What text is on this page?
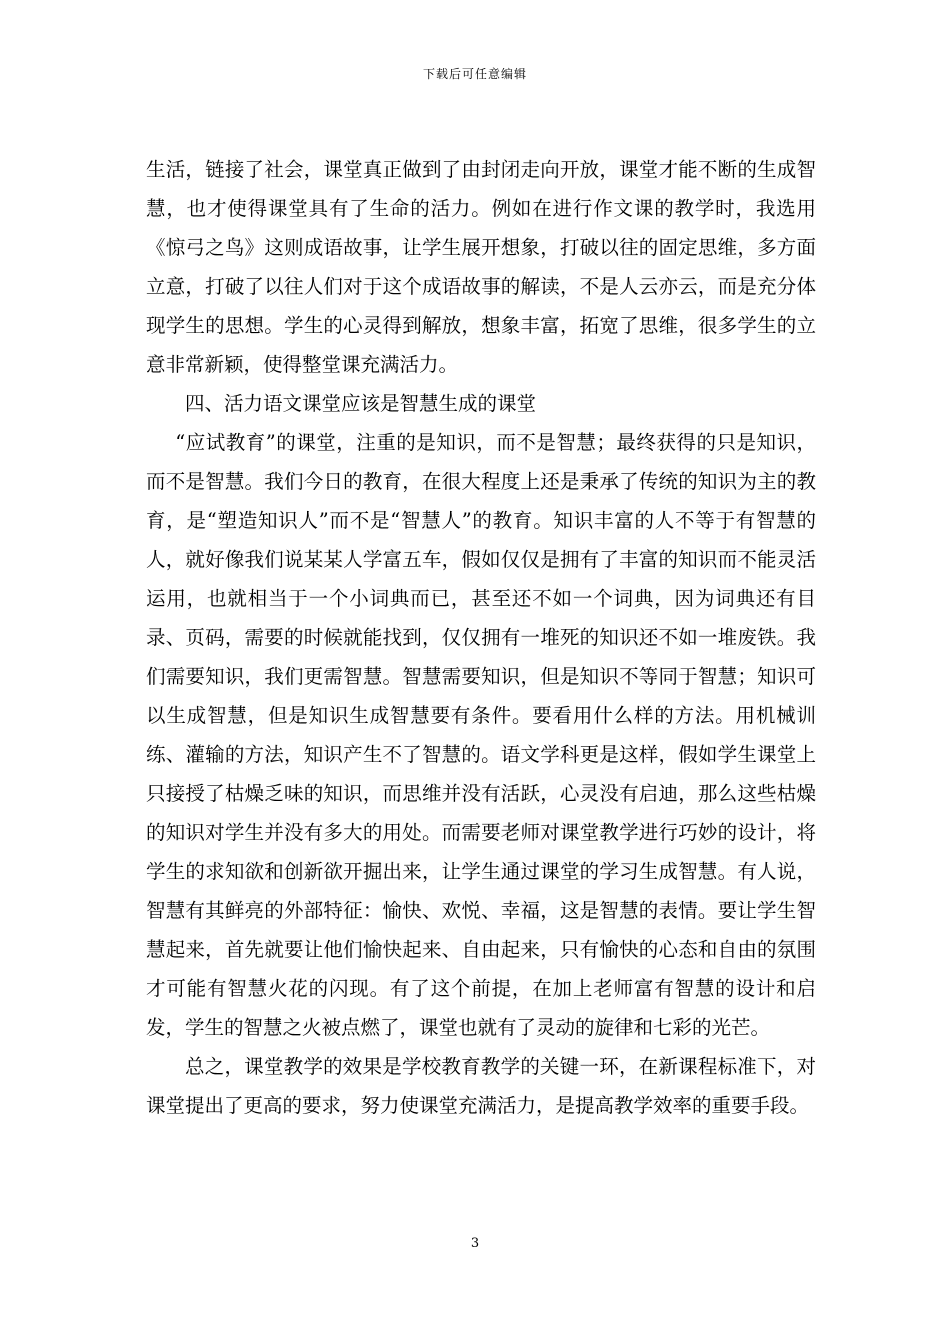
下载后可任意编辑

生活，链接了社会，课堂真正做到了由封闭走向开放，课堂才能不断的生成智慧，也才使得课堂具有了生命的活力。例如在进行作文课的教学时，我选用《惊弓之鸟》这则成语故事，让学生展开想象，打破以往的固定思维，多方面立意，打破了以往人们对于这个成语故事的解读，不是人云亦云，而是充分体现学生的思想。学生的心灵得到解放，想象丰富，拓宽了思维，很多学生的立意非常新颖，使得整堂课充满活力。

四、活力语文课堂应该是智慧生成的课堂

“应试教育”的课堂，注重的是知识，而不是智慧；最终获得的只是知识，而不是智慧。我们今日的教育，在很大程度上还是秉承了传统的知识为主的教育，是“塑造知识人”而不是“智慧人”的教育。知识丰富的人不等于有智慧的人，就好像我们说某某人学富五车，假如仅仅是拥有了丰富的知识而不能灵活运用，也就相当于一个小词典而已，甚至还不如一个词典，因为词典还有目录、页码，需要的时候就能找到，仅仅拥有一堆死的知识还不如一堆废铁。我们需要知识，我们更需智慧。智慧需要知识，但是知识不等同于智慧；知识可以生成智慧，但是知识生成智慧要有条件。要看用什么样的方法。用机械训练、灌输的方法，知识产生不了智慧的。语文学科更是这样，假如学生课堂上只接授了枯燥乏味的知识，而思维并没有活跃，心灵没有启迪，那么这些枯燥的知识对学生并没有多大的用处。而需要老师对课堂教学进行巧妙的设计，将学生的求知欲和创新欲开掘出来，让学生通过课堂的学习生成智慧。有人说，智慧有其鲜亮的外部特征：愉快、欢悦、幸福，这是智慧的表情。要让学生智慧起来，首先就要让他们愉快起来、自由起来，只有愉快的心态和自由的氛围才可能有智慧火花的闪现。有了这个前提，在加上老师富有智慧的设计和启发，学生的智慧之火被点燃了，课堂也就有了灵动的旋律和七彩的光芒。

总之，课堂教学的效果是学校教育教学的关键一环，在新课程标准下，对课堂提出了更高的要求，努力使课堂充满活力，是提高教学效率的重要手段。

3
